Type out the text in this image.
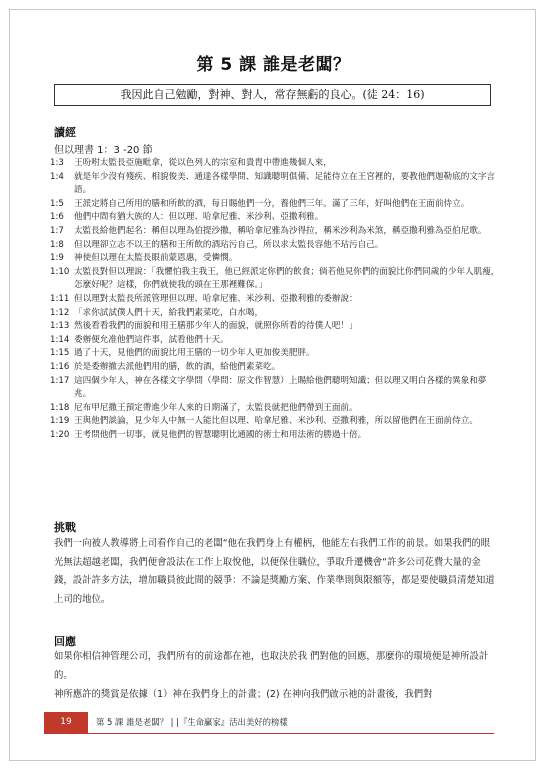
第 5 課 誰是老闆？
我因此自己勉勵，對神、對人，常存無虧的良心。(徒 24：16)
讀經
但以理書 1：3 -20 節
1:3	王吩咐太監長亞施毗拿，從以色列人的宗室和貴胄中帶進幾個人來，
1:4	就是年少沒有殘疾、相貌俊美、通達各樣學問、知識聰明俱備、足能侍立在王宮裡的，要教他們迦勒底的文字言語。
1:5	王派定將自己所用的膳和所飲的酒，每日賜他們一分，養他們三年。滿了三年，好叫他們在王面前侍立。
1:6	他們中間有猶大族的人：但以理、哈拿尼雅、米沙利、亞撒利雅。
1:7	太監長給他們起名：稱但以理為伯提沙撒，稱哈拿尼雅為沙得拉，稱米沙利為米煞，稱亞撒利雅為亞伯尼歌。
1:8	但以理卻立志不以王的膳和王所飲的酒玷污自己，所以求太監長容他不玷污自己。
1:9	神使但以理在太監長眼前蒙恩惠，受憐憫。
1:10 太監長對但以理說：「我懼怕我主我王，他已經派定你們的飲食；倘若他見你們的面貌比你們同歲的少年人肌瘦，怎麼好呢？這樣，你們就使我的頭在王那裡難保。」
1:11 但以理對太監長所派管理但以理、哈拿尼雅、米沙利、亞撒利雅的委辦說：
1:12 「求你試試僕人們十天，給我們素菜吃，白水喝，
1:13 然後看看我們的面貌和用王膳那少年人的面貌，就照你所看的待僕人吧！」
1:14 委辦便允准他們這件事，試看他們十天。
1:15 過了十天，見他們的面貌比用王膳的一切少年人更加俊美肥胖。
1:16 於是委辦撤去派他們用的膳，飲的酒，給他們素菜吃。
1:17 這四個少年人，神在各樣文字學問（學問：原文作智慧）上賜給他們聰明知識；但以理又明白各樣的異象和夢兆。
1:18 尼布甲尼撒王預定帶進少年人來的日期滿了，太監長就把他們帶到王面前。
1:19 王與他們談論，見少年人中無一人能比但以理、哈拿尼雅、米沙利、亞撒利雅，所以留他們在王面前侍立。
1:20 王考問他們一切事，就見他們的智慧聰明比通國的術士和用法術的勝過十倍。
挑戰

我們一向被人教導將上司看作自己的老闆“他在我們身上有權柄，他能左右我們工作的前景。如果我們的眼光無法超越老闆，我們便會設法在工作上取悅他，以便保住職位，爭取升遷機會“許多公司花費大量的金錢，設計許多方法，增加職員彼此間的競爭：不論是獎勵方案、作業準則與限額等，都是要使職員清楚知道上司的地位。

回應

如果你相信神管理公司，我們所有的前途都在祂，也取決於我 們對他的回應，那麼你的環境便是神所設計的。

神所應許的獎賞是依據（1）神在我們身上的計畫；(2) 在神向我們啟示祂的計畫後，我們對

19	第 5 課 誰是老闆？ | |『生命贏家』活出美好的榜樣
